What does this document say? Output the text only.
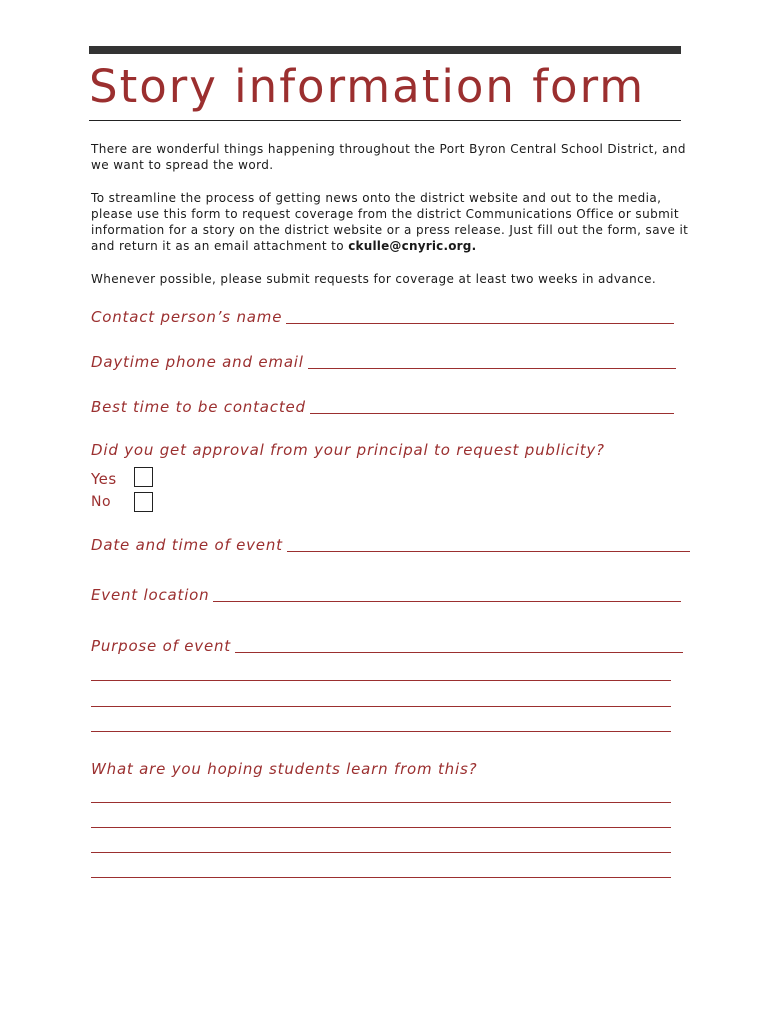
Story information form

There are wonderful things happening throughout the Port Byron Central School District, and we want to spread the word.

To streamline the process of getting news onto the district website and out to the media, please use this form to request coverage from the district Communications Office or submit information for a story on the district website or a press release. Just fill out the form, save it and return it as an email attachment to ckulle@cnyric.org.

Whenever possible, please submit requests for coverage at least two weeks in advance.

Contact person’s name
Daytime phone and email
Best time to be contacted
Did you get approval from your principal to request publicity?
Yes
No
Date and time of event
Event location
Purpose of event
What are you hoping students learn from this?
